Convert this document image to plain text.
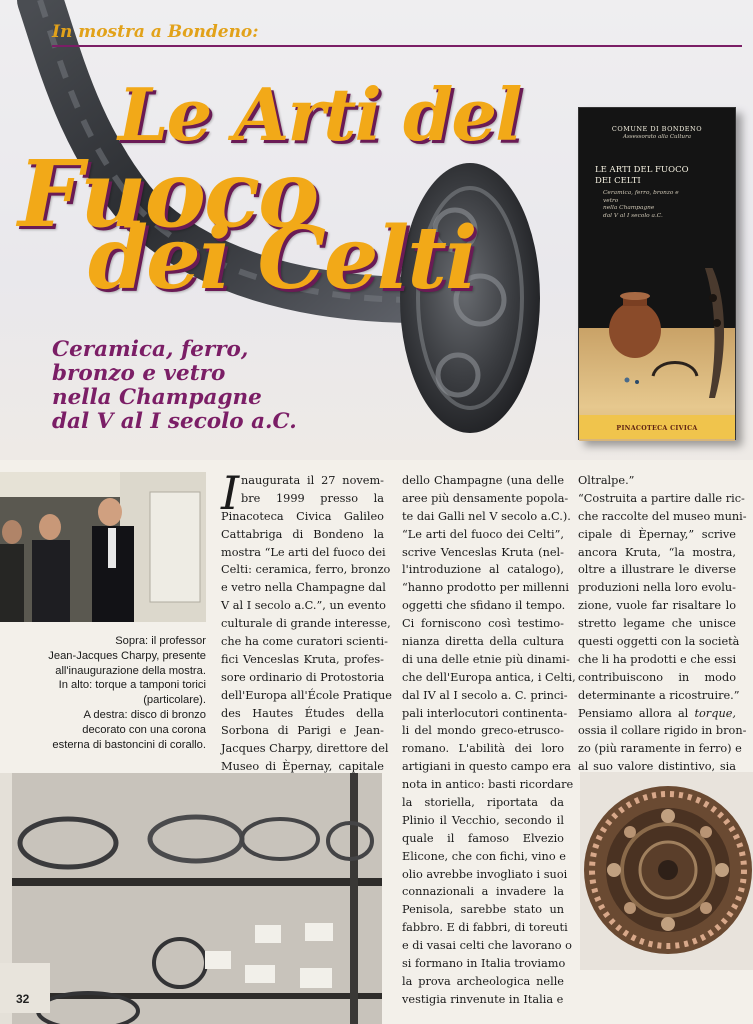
In mostra a Bondeno:
Le Arti del
Fuoco
dei Celti
Ceramica, ferro,
bronzo e vetro
nella Champagne
dal V al I secolo a.C.
COMUNE DI BONDENO
Assessorato alla Cultura
LE ARTI DEL FUOCO
DEI CELTI
Ceramica, ferro, bronzo e vetro
nella Champagne
dal V al I secolo a.C.
PINACOTECA CIVICA
Sopra: il professor
Jean-Jacques Charpy, presente
all'inaugurazione della mostra.
In alto: torque a tamponi torici
(particolare).
A destra: disco di bronzo
decorato con una corona
esterna di bastoncini di corallo.
32
I naugurata il 27 novem-
bre 1999 presso la
Pinacoteca Civica Galileo
Cattabriga di Bondeno la
mostra “Le arti del fuoco dei
Celti: ceramica, ferro, bronzo
e vetro nella Champagne dal
V al I secolo a.C.”, un evento
culturale di grande interesse,
che ha come curatori scienti-
fici Venceslas Kruta, profes-
sore ordinario di Protostoria
dell'Europa all'École Pratique
des Hautes Études della
Sorbona di Parigi e Jean-
Jacques Charpy, direttore del
Museo di Èpernay, capitale
dello Champagne (una delle
aree più densamente popola-
te dai Galli nel V secolo a.C.).
“Le arti del fuoco dei Celti”,
scrive Venceslas Kruta (nel-
l'introduzione al catalogo),
“hanno prodotto per millenni
oggetti che sfidano il tempo.
Ci forniscono così testimo-
nianza diretta della cultura
di una delle etnie più dinami-
che dell'Europa antica, i Celti,
dal IV al I secolo a. C. princi-
pali interlocutori continenta-
li del mondo greco-etrusco-
romano. L'abilità dei loro
artigiani in questo campo era
nota in antico: basti ricordare
la storiella, riportata da
Plinio il Vecchio, secondo il
quale il famoso Elvezio
Elicone, che con fichi, vino e
olio avrebbe invogliato i suoi
connazionali a invadere la
Penisola, sarebbe stato un
fabbro. E di fabbri, di toreuti
e di vasai celti che lavorano o
si formano in Italia troviamo
la prova archeologica nelle
vestigia rinvenute in Italia e
Oltralpe.”
“Costruita a partire dalle ric-
che raccolte del museo muni-
cipale di Èpernay,” scrive
ancora Kruta, “la mostra,
oltre a illustrare le diverse
produzioni nella loro evolu-
zione, vuole far risaltare lo
stretto legame che unisce
questi oggetti con la società
che li ha prodotti e che essi
contribuiscono in modo
determinante a ricostruire.”
Pensiamo allora al torque,
ossia il collare rigido in bron-
zo (più raramente in ferro) e
al suo valore distintivo, sia
